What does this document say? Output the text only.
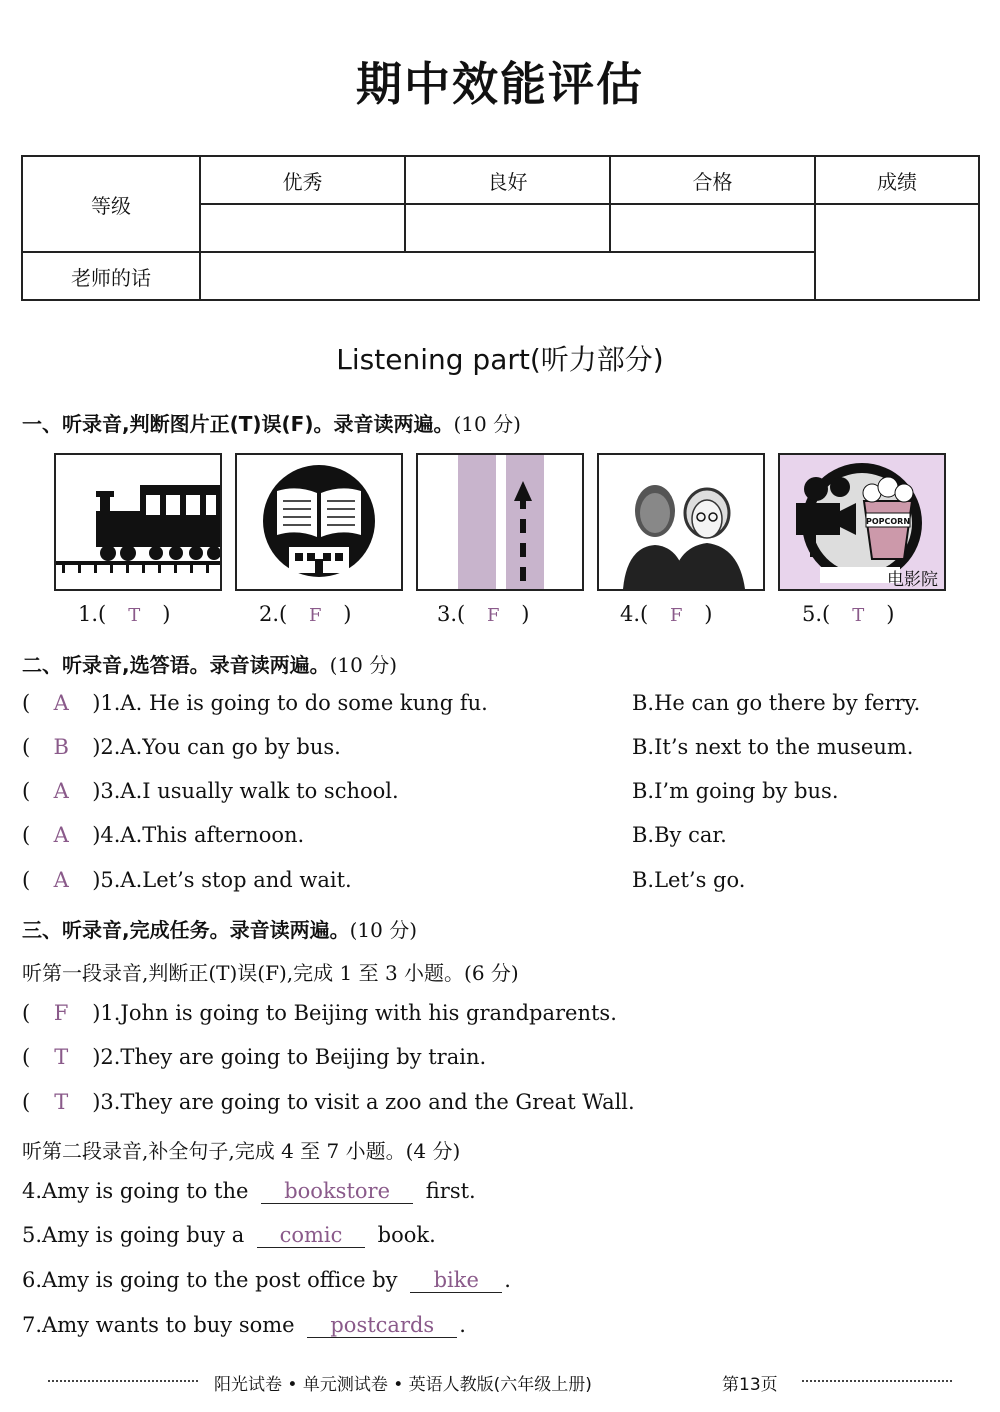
期中效能评估
等级	优秀	良好	合格	成绩

老师的话				
Listening part(听力部分)
一、听录音,判断图片正(T)误(F)。录音读两遍。(10 分)
POPCORN
电影院
1.( T )	2.( F )	3.( F )	4.( F )	5.( T )
二、听录音,选答语。录音读两遍。(10 分)
( A )1.A. He is going to do some kung fu.	B.He can go there by ferry.
( B )2.A.You can go by bus.	B.It’s next to the museum.
( A )3.A.I usually walk to school.	B.I’m going by bus.
( A )4.A.This afternoon.	B.By car.
( A )5.A.Let’s stop and wait.	B.Let’s go.
三、听录音,完成任务。录音读两遍。(10 分)
听第一段录音,判断正(T)误(F),完成 1 至 3 小题。(6 分)
( F )1.John is going to Beijing with his grandparents.
( T )2.They are going to Beijing by train.
( T )3.They are going to visit a zoo and the Great Wall.
听第二段录音,补全句子,完成 4 至 7 小题。(4 分)
4.Amy is going to the bookstore first.
5.Amy is going buy a comic book.
6.Amy is going to the post office by bike .
7.Amy wants to buy some postcards .
阳光试卷 • 单元测试卷 • 英语人教版(六年级上册)	第13页
